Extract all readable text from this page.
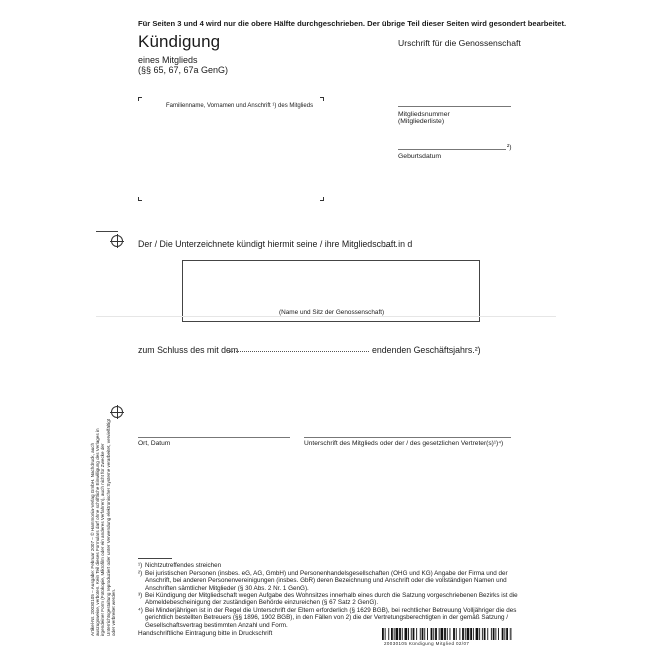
Für Seiten 3 und 4 wird nur die obere Hälfte durchgeschrieben. Der übrige Teil dieser Seiten wird gesondert bearbeitet.
Kündigung
eines Mitglieds
(§§ 65, 67, 67a GenG)
Urschrift für die Genossenschaft
Familienname, Vornamen und Anschrift ¹) des Mitglieds
Mitgliedsnummer
(Mitgliederliste)
²)
Geburtsdatum
Der / Die Unterzeichnete kündigt hiermit seine / ihre Mitgliedschaft in d
(Name und Sitz der Genossenschaft)
zum Schluss des mit dem	endenden Geschäftsjahrs.²)
Ort, Datum	Unterschrift des Mitglieds oder der / des gesetzlichen Vertreter(s)¹)⁴)
Artikel-Nr. 20030105 – Ausgabe: Februar 2007 – © Hammonia-Verlag GmbH. Nachdruck, auch auszugsweise, verboten. Kein Teil dieses Formulars darf ohne schriftliche Einwilligung des Verlages in irgendeiner Form (Fotokopie, Mikrofilm oder ein anderes Verfahren), auch nicht für Zwecke der Unterrichtsgestaltung reproduziert oder unter Verwendung elektronischer Systeme verarbeitet, vervielfältigt oder verbreitet werden.
¹) Nichtzutreffendes streichen
²) Bei juristischen Personen (insbes. eG, AG, GmbH) und Personenhandelsgesellschaften (OHG und KG) Angabe der Firma und der Anschrift, bei anderen Personenvereinigungen (insbes. GbR) deren Bezeichnung und Anschrift oder die vollständigen Namen und Anschriften sämtlicher Mitglieder (§ 30 Abs. 2 Nr. 1 GenG).
³) Bei Kündigung der Mitgliedschaft wegen Aufgabe des Wohnsitzes innerhalb eines durch die Satzung vorgeschriebenen Bezirks ist die Abmeldebescheinigung der zuständigen Behörde einzureichen (§ 67 Satz 2 GenG).
⁴) Bei Minderjährigen ist in der Regel die Unterschrift der Eltern erforderlich (§ 1629 BGB), bei rechtlicher Betreuung Volljähriger die des gerichtlich bestellten Betreuers (§§ 1896, 1902 BGB), in den Fällen von 2) die der Vertretungsberechtigten in der gemäß Satzung / Gesellschaftsvertrag bestimmten Anzahl und Form.
Handschriftliche Eintragung bitte in Druckschrift
20030105 Kündigung Mitglied 02/07
